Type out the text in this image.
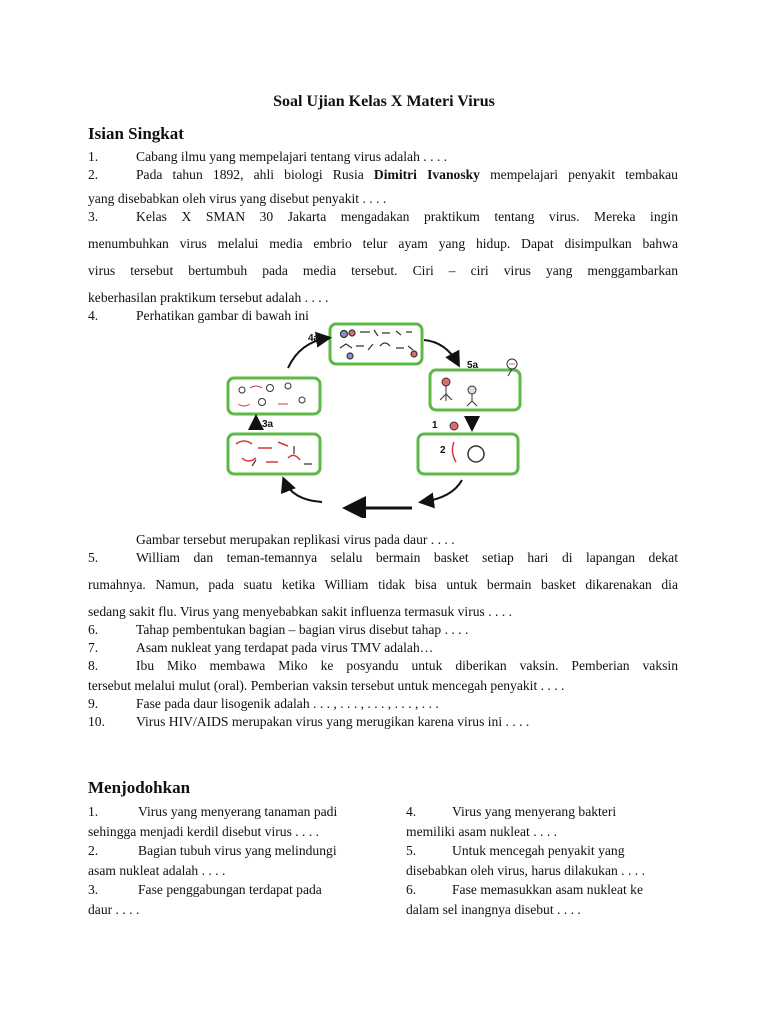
Soal Ujian Kelas X Materi Virus
Isian Singkat
1.	Cabang ilmu yang mempelajari tentang virus adalah . . . .
2.	Pada tahun 1892, ahli biologi Rusia Dimitri Ivanosky mempelajari penyakit tembakau
yang disebabkan oleh virus yang disebut penyakit . . . .
3.	Kelas X SMAN 30 Jakarta mengadakan praktikum tentang virus. Mereka ingin
menumbuhkan virus melalui media embrio telur ayam yang hidup. Dapat disimpulkan bahwa
virus tersebut bertumbuh pada media tersebut. Ciri – ciri virus yang menggambarkan
keberhasilan praktikum tersebut adalah . . . .
4.	Perhatikan gambar di bawah ini
4a
5a
1
2
3a
Gambar tersebut merupakan replikasi virus pada daur . . . .
5.	William dan teman-temannya selalu bermain basket setiap hari di lapangan dekat
rumahnya. Namun, pada suatu ketika William tidak bisa untuk bermain basket dikarenakan dia
sedang sakit flu. Virus yang menyebabkan sakit influenza termasuk virus . . . .
6.	Tahap pembentukan bagian – bagian virus disebut tahap . . . .
7.	Asam nukleat yang terdapat pada virus TMV adalah…
8.	Ibu Miko membawa Miko ke posyandu untuk diberikan vaksin. Pemberian vaksin
tersebut melalui mulut (oral). Pemberian vaksin tersebut untuk mencegah penyakit . . . .
9.	Fase pada daur lisogenik adalah . . . , . . . , . . . , . . . , . . .
10. Virus HIV/AIDS merupakan virus yang merugikan karena virus ini . . . .
Menjodohkan
1.	Virus yang menyerang tanaman padi
sehingga menjadi kerdil disebut virus . . . .
2.	Bagian tubuh virus yang melindungi
asam nukleat adalah . . . .
3.	Fase penggabungan terdapat pada
daur . . . .
4.	Virus yang menyerang bakteri
memiliki asam nukleat . . . .
5.	Untuk mencegah penyakit yang
disebabkan oleh virus, harus dilakukan . . . .
6.	Fase memasukkan asam nukleat ke
dalam sel inangnya disebut . . . .
